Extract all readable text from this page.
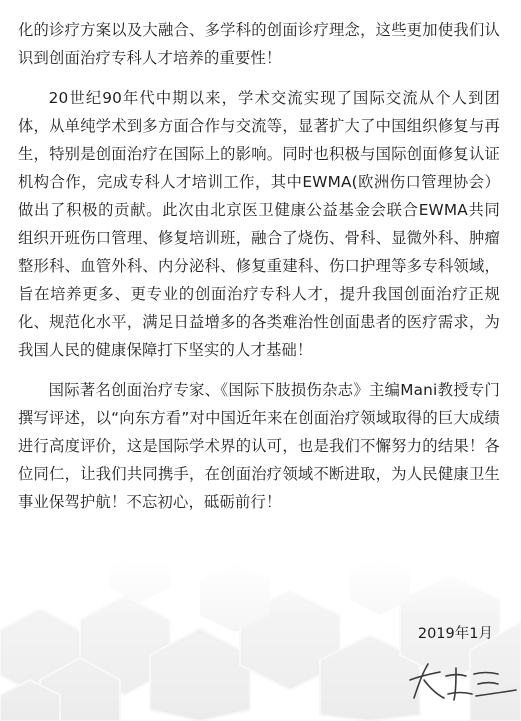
化的诊疗方案以及大融合、多学科的创面诊疗理念，这些更加使我们认识到创面治疗专科人才培养的重要性！

20世纪90年代中期以来，学术交流实现了国际交流从个人到团体，从单纯学术到多方面合作与交流等，显著扩大了中国组织修复与再生，特别是创面治疗在国际上的影响。同时也积极与国际创面修复认证机构合作，完成专科人才培训工作，其中EWMA(欧洲伤口管理协会）做出了积极的贡献。此次由北京医卫健康公益基金会联合EWMA共同组织开班伤口管理、修复培训班，融合了烧伤、骨科、显微外科、肿瘤整形科、血管外科、内分泌科、修复重建科、伤口护理等多专科领域，旨在培养更多、更专业的创面治疗专科人才，提升我国创面治疗正规化、规范化水平，满足日益增多的各类难治性创面患者的医疗需求，为我国人民的健康保障打下坚实的人才基础！

国际著名创面治疗专家、《国际下肢损伤杂志》主编Mani教授专门撰写评述，以“向东方看”对中国近年来在创面治疗领域取得的巨大成绩进行高度评价，这是国际学术界的认可，也是我们不懈努力的结果！各位同仁，让我们共同携手，在创面治疗领域不断进取，为人民健康卫生事业保驾护航！不忘初心，砥砺前行！

2019年1月
